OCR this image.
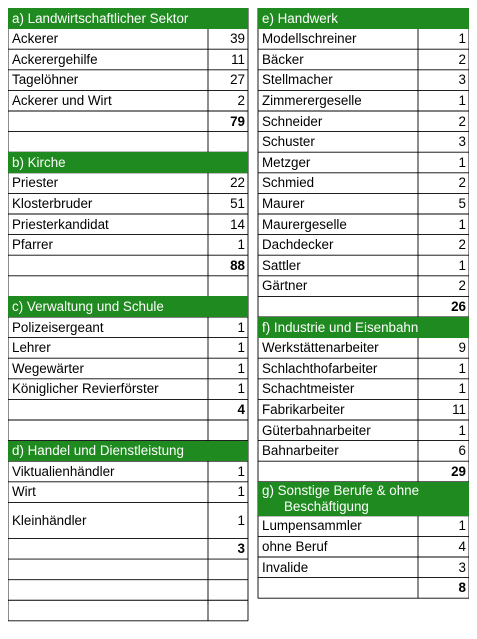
a) Landwirtschaftlicher Sektor
Ackerer	39
Ackerergehilfe	11
Tagelöhner	27
Ackerer und Wirt	2
79
b) Kirche
Priester	22
Klosterbruder	51
Priesterkandidat	14
Pfarrer	1
88
c) Verwaltung und Schule
Polizeisergeant	1
Lehrer	1
Wegewärter	1
Königlicher Revierförster	1
4
d) Handel und Dienstleistung
Viktualienhändler	1
Wirt	1
Kleinhändler	1
3
e) Handwerk
Modellschreiner	1
Bäcker	2
Stellmacher	3
Zimmerergeselle	1
Schneider	2
Schuster	3
Metzger	1
Schmied	2
Maurer	5
Maurergeselle	1
Dachdecker	2
Sattler	1
Gärtner	2
26
f) Industrie und Eisenbahn
Werkstättenarbeiter	9
Schlachthofarbeiter	1
Schachtmeister	1
Fabrikarbeiter	11
Güterbahnarbeiter	1
Bahnarbeiter	6
29
g) Sonstige Berufe & ohne
Beschäftigung
Lumpensammler	1
ohne Beruf	4
Invalide	3
8
